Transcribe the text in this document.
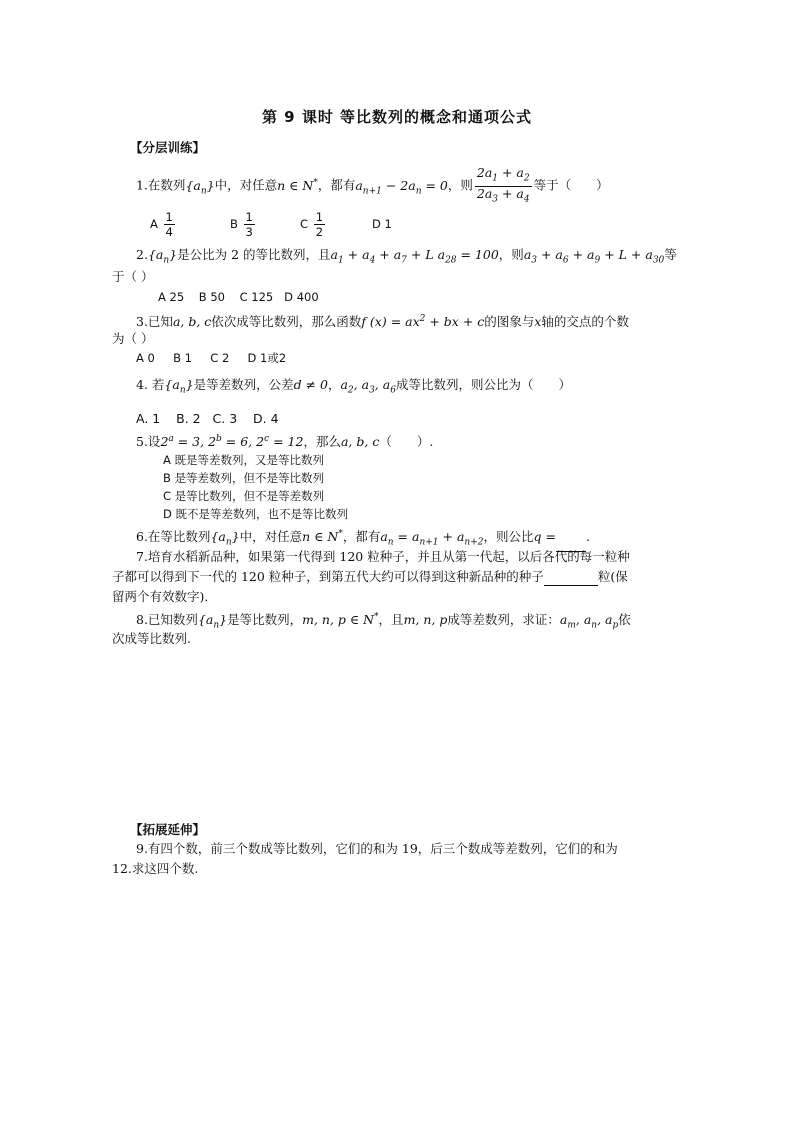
第 9 课时 等比数列的概念和通项公式
【分层训练】
1.在数列$\{a_n\}$中，对任意n ∈ N*，都有$a_{n+1} - 2a_n = 0$，则 $\frac{2a_1 + a_2}{2a_3 + a_4}$ 等于（　　）
A $\frac{1}{4}$	B $\frac{1}{3}$	C $\frac{1}{2}$	D 1
$2.\{a_n\}$是公比为 2 的等比数列，且$a_1 + a_4 + a_7 + L$ $a_{28} = 100$，则$a_3 + a_6 + a_9 + L + a_{30}$等
于（ ）
A 25    B 50    C 125   D 400
3.已知a, b, c依次成等比数列，那么函数f $(x) = ax^2$ + bx + c的图象与x轴的交点的个数
为（ ）
A 0     B 1     C 2     D 1或2
4. 若$\{a_n\}$是等差数列，公差d ≠ 0，$a_2$, $a_3$, $a_6$成等比数列，则公比为（　　）
A. 1    B. 2   C. 3    D. 4
5.设$2^a = 3$, $2^b = 6$, $2^c = 12$，那么a, b, c（　　）.
A 既是等差数列，又是等比数列
B 是等差数列，但不是等比数列
C 是等比数列，但不是等差数列
D 既不是等差数列，也不是等比数列
6.在等比数列$\{a_n\}$中，对任意n ∈ N*，都有$a_n = a_{n+1} + a_{n+2}$，则公比q = .
7.培育水稻新品种，如果第一代得到 120 粒种子，并且从第一代起，以后各代的每一粒种
子都可以得到下一代的 120 粒种子，到第五代大约可以得到这种新品种的种子	粒(保
留两个有效数字)．
8.已知数列$\{a_n\}$是等比数列，m, n, p ∈ N*，且m, n, p成等差数列，求证：$a_m$, $a_n$, $a_p$依
次成等比数列.
【拓展延伸】
9.有四个数，前三个数成等比数列，它们的和为 19，后三个数成等差数列，它们的和为
12.求这四个数.
